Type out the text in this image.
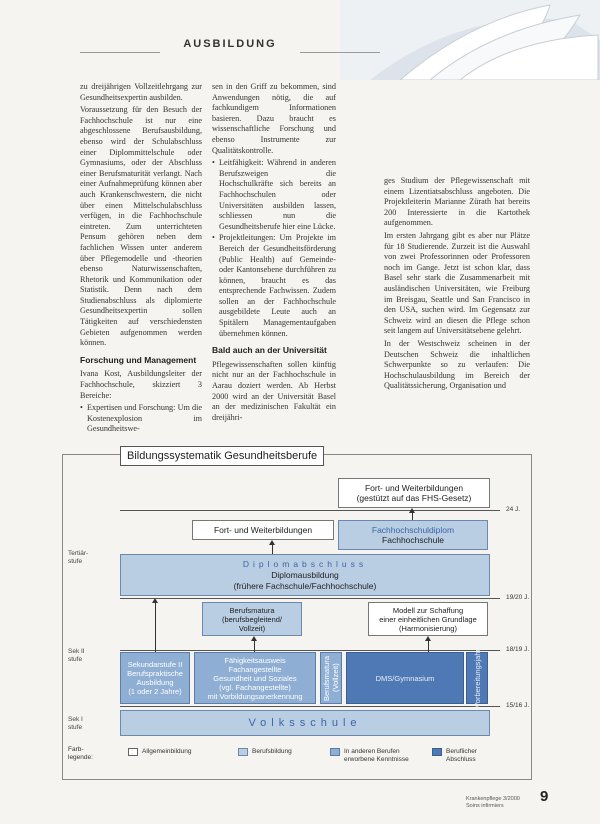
AUSBILDUNG

zu dreijährigen Vollzeitlehrgang zur Gesundheitsexpertin ausbilden.

Voraussetzung für den Besuch der Fachhochschule ist nur eine abgeschlossene Berufsausbildung, ebenso wird der Schulabschluss einer Diplommittelschule oder Gymnasiums, oder der Abschluss einer Berufsmaturität verlangt. Nach einer Aufnahmeprüfung können aber auch Krankenschwestern, die nicht über einen Mittelschulabschluss verfügen, in die Fachhochschule eintreten. Zum unterrichteten Pensum gehören neben dem fachlichen Wissen unter anderem über Pflegemodelle und -theorien ebenso Naturwissenschaften, Rhetorik und Kommunikation oder Statistik. Denn nach dem Studienabschluss als diplomierte Gesundheitsexpertin sollen Tätigkeiten auf verschiedensten Gebieten aufgenommen werden können.

Forschung und Management

Ivana Kost, Ausbildungsleiter der Fachhochschule, skizziert 3 Bereiche:

• Expertisen und Forschung: Um die Kostenexplosion im Gesundheitswe-

sen in den Griff zu bekommen, sind Anwendungen nötig, die auf fachkundigem Informationen basieren. Dazu braucht es wissenschaftliche Forschung und ebenso Instrumente zur Qualitätskontrolle.

• Leitfähigkeit: Während in anderen Berufszweigen die Hochschulkräfte sich bereits an Fachhochschulen oder Universitäten ausbilden lassen, schliessen nun die Gesundheitsberufe hier eine Lücke.
• Projektleitungen: Um Projekte im Bereich der Gesundheitsförderung (Public Health) auf Gemeinde- oder Kantonsebene durchführen zu können, braucht es das entsprechende Fachwissen. Zudem sollen an der Fachhochschule ausgebildete Leute auch an Spitälern Managementaufgaben übernehmen können.
Bald auch an der Universität

Pflegewissenschaften sollen künftig nicht nur an der Fachhochschule in Aarau doziert werden. Ab Herbst 2000 wird an der Universität Basel an der medizinischen Fakultät ein dreijähri-

ges Studium der Pflegewissenschaft mit einem Lizentiatsabschluss angeboten. Die Projektleiterin Marianne Zürath hat bereits 200 Interessierte in die Kartothek aufgenommen.

Im ersten Jahrgang gibt es aber nur Plätze für 18 Studierende. Zurzeit ist die Auswahl von zwei Professorinnen oder Professoren noch im Gange. Jetzt ist schon klar, dass Basel sehr stark die Zusammenarbeit mit ausländischen Universitäten, wie Freiburg im Breisgau, Seattle und San Francisco in den USA, suchen wird. Im Gegensatz zur Schweiz wird an diesen die Pflege schon seit langem auf Universitätsebene gelehrt.

In der Westschweiz scheinen in der Deutschen Schweiz die inhaltlichen Schwerpunkte so zu verlaufen: Die Hochschulausbildung im Bereich der Qualitätssicherung, Organisation und

Bildungssystematik Gesundheitsberufe
24 J.
19/20 J.
18/19 J.
15/16 J.
Tertiär-
stufe
Sek II
stufe
Sek I
stufe
Fort- und Weiterbildungen
(gestützt auf das FHS-Gesetz)
Fort- und Weiterbildungen	Fachhochschuldiplom
Fachhochschule
Diplomabschluss
Diplomausbildung
(frühere Fachschule/Fachhochschule)
Berufsmatura
(berufsbegleitend/
Vollzeit)
Modell zur Schaffung
einer einheitlichen Grundlage
(Harmonisierung)
Sekundarstufe II
Berufspraktische
Ausbildung
(1 oder 2 Jahre)
Fähigkeitsausweis
Fachangestellte
Gesundheit und Soziales
(vgl. Fachangestellte)
mit Vorbildungsanerkennung	Berufsmatura (Vollzeit)	DMS/Gymnasium	Vorbereitungsjahr
Volksschule
Farb-
legende:
Allgemeinbildung	Berufsbildung	In anderen Berufen
erworbene Kenntnisse
Beruflicher
Abschluss
Krankenpflege 3/2000
Soins infirmiers
9
